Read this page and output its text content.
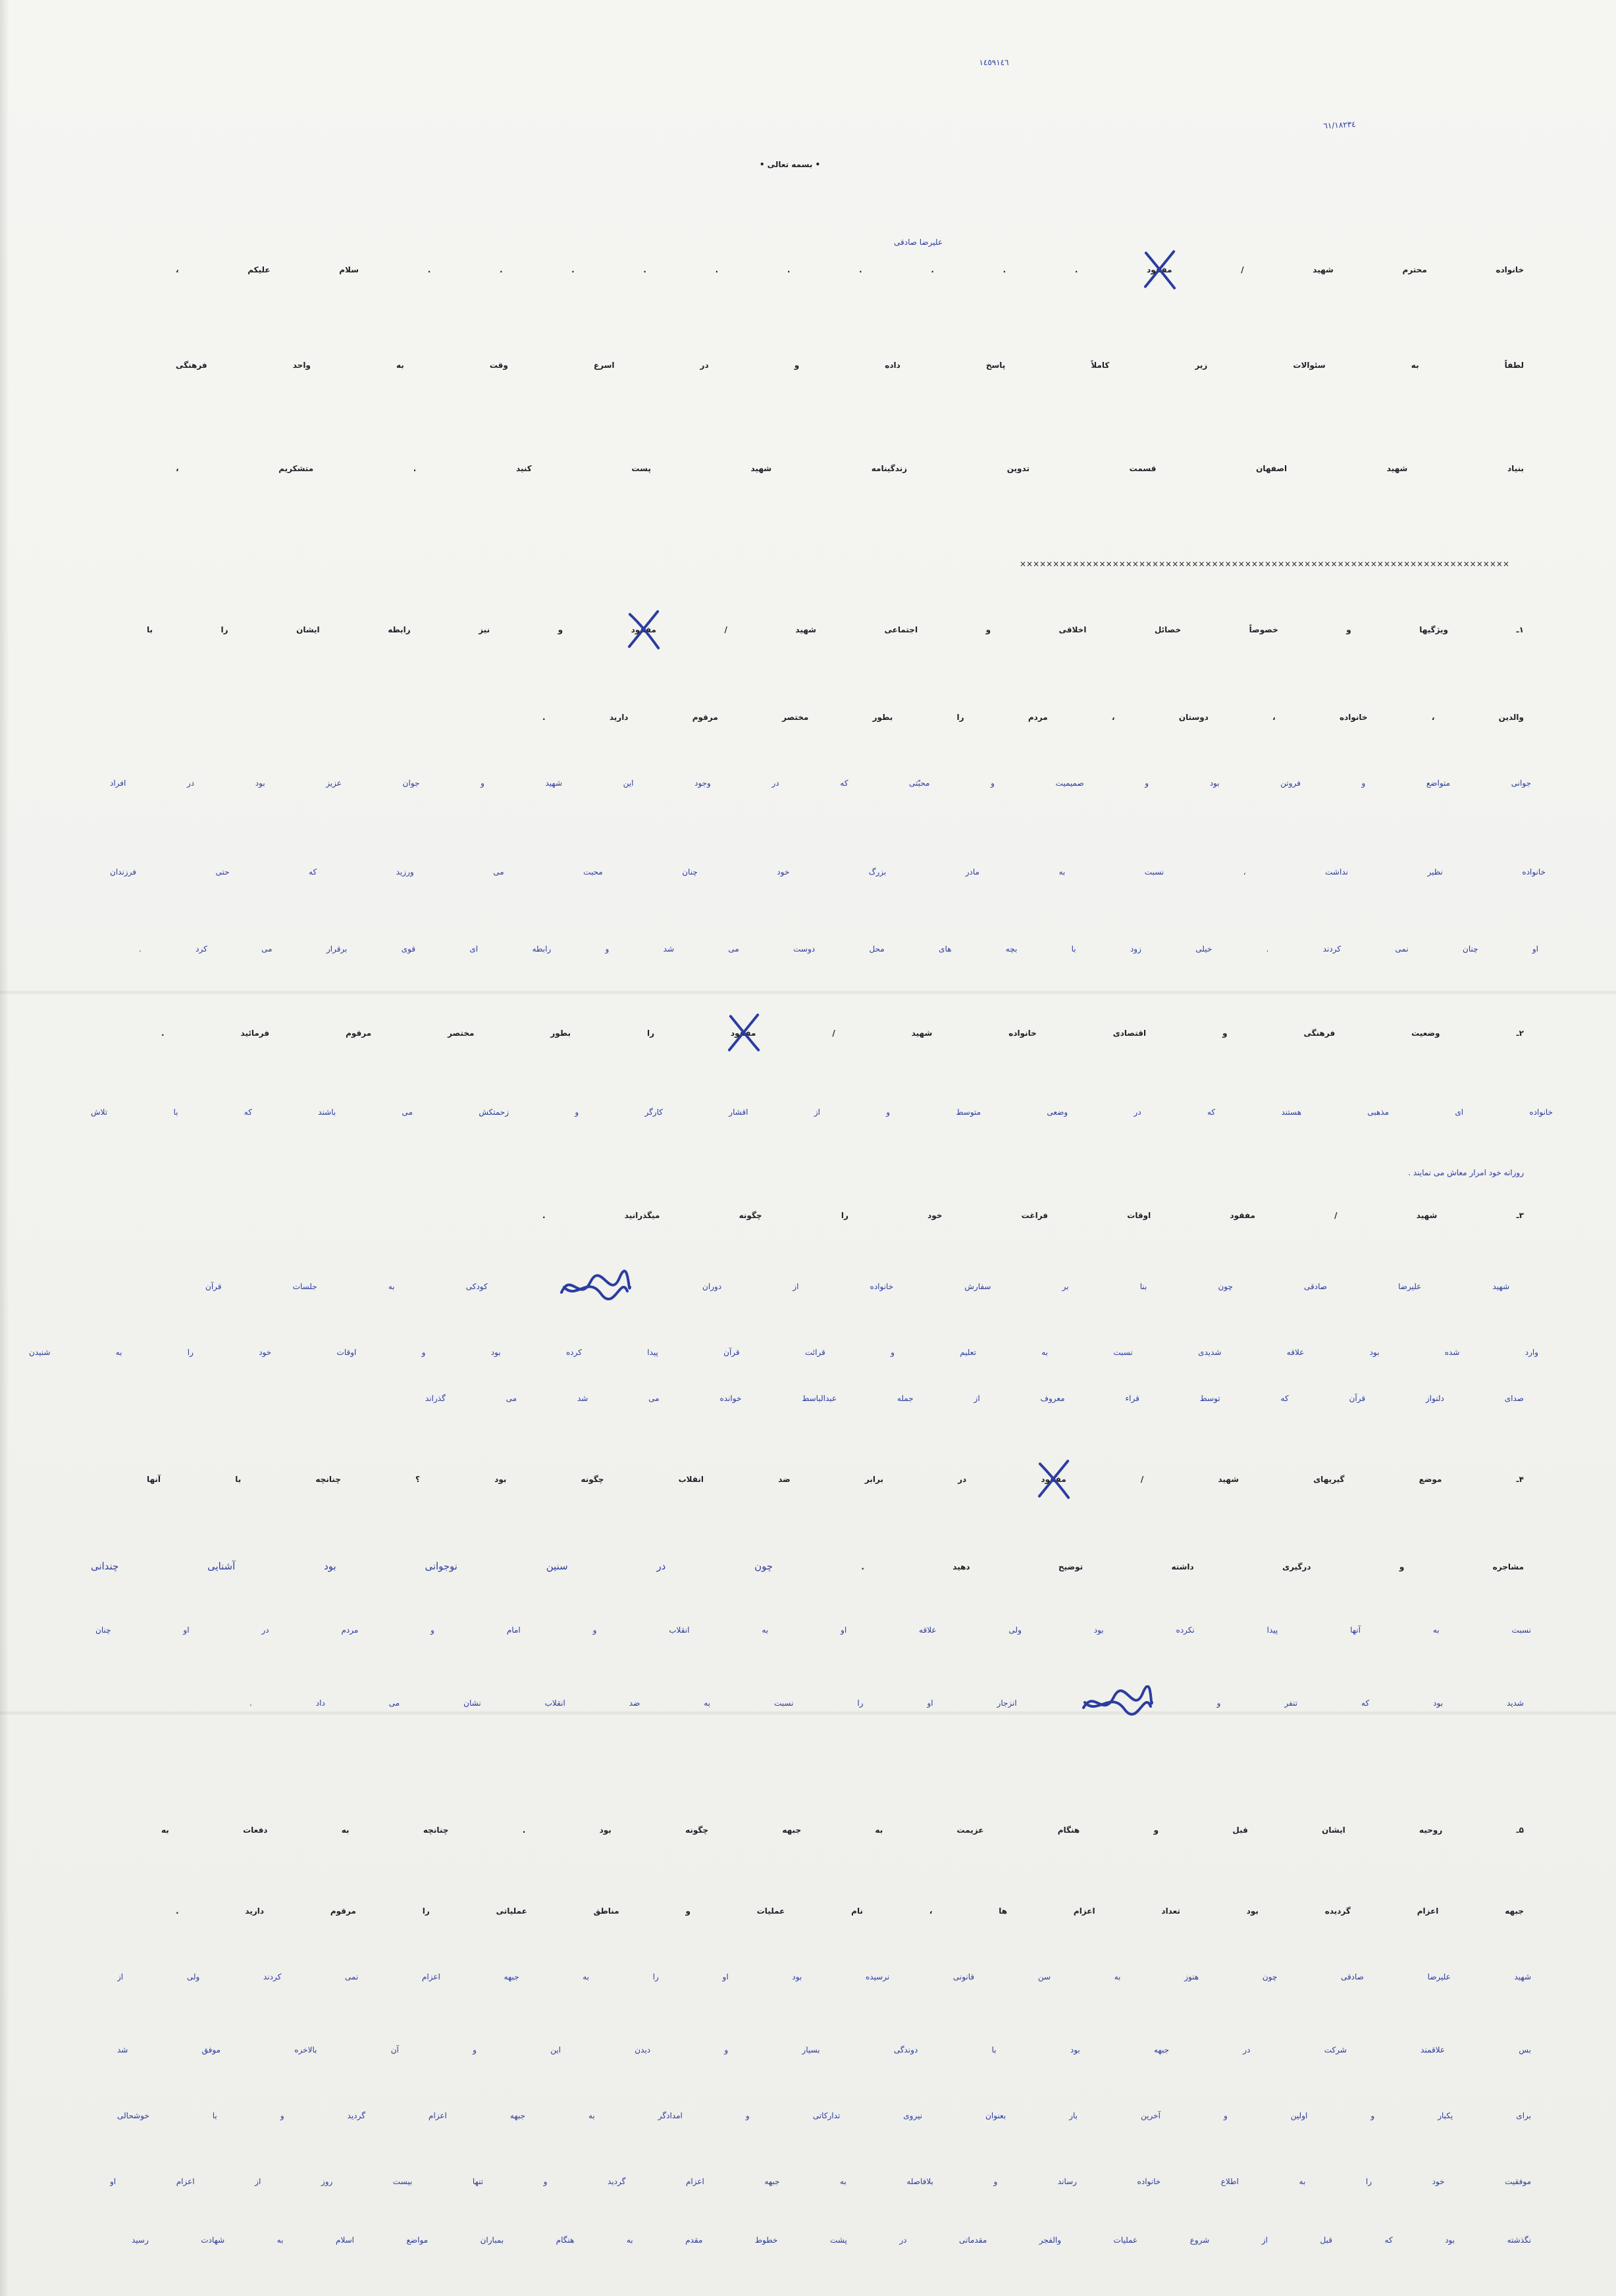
١٤٥٩١٤٦
٦١/١٨٢٣٤
• بسمه تعالی •
علیرضا صادقی
خانواده محترم شهید / مفقود
. . . . . . . . . . سلام علیکم ،
لطفاً به سئوالات زیر کاملاً پاسخ داده و در اسرع وقت به واحد فرهنگی
بنیاد شهید اصفهان قسمت تدوین زندگینامه شهید پست کنید . متشکریم ،
××××××××××××××××××××××××××××××××××××××××××××××××××××××××××××××××××××××××××
۱ـ ویژگیها و خصوصاً خصائل اخلاقی و اجتماعی شهید / مفقود
و نیز رابطه ایشان را با
والدین ، خانواده ، دوستان ، مردم را بطور مختصر مرقوم دارید .
جوانی متواضع و فروتن بود و صمیمیت و محبّتی که در وجود این شهید و جوان عزیز بود در افراد
خانواده نظیر نداشت ، نسبت به مادر بزرگ خود چنان محبت می ورزید که حتی فرزندان
او چنان نمی کردند . خیلی زود با بچه های محل دوست می شد و رابطه ای قوی برقرار می کرد .
۲ـ وضعیت فرهنگی و اقتصادی خانواده شهید / مفقود
را بطور مختصر مرقوم فرمائید .
خانواده ای مذهبی هستند که در وضعی متوسط و از اقشار کارگر و زحمتکش می باشند که با تلاش
روزانه خود امرار معاش می نمایند .
۳ـ شهید / مفقود اوقات فراغت خود را چگونه میگذرانید .
شهید علیرضا صادقی چون بنا بر سفارش خانواده از دوران  کودکی به جلسات قرآن
وارد شده بود علاقه شدیدی نسبت به تعلیم و قرائت قرآن پیدا کرده بود و اوقات خود را به شنیدن
صدای دلنواز قرآن که توسط قراء معروف از جمله عبدالباسط خوانده می شد می گذراند
۴ـ موضع گیریهای شهید / مفقود
در برابر ضد انقلاب چگونه بود ؟ چنانچه با آنها
مشاجره و درگیری داشته توضیح دهید . چون در سنین نوجوانی بود آشنایی چندانی
نسبت به آنها پیدا نکرده بود ولی علاقه او به انقلاب و امام و مردم در او چنان
شدید بود که تنفر و  انزجار او را نسبت به ضد انقلاب نشان می داد .
۵ـ روحیه ایشان قبل و هنگام عزیمت به جبهه چگونه بود . چنانچه به دفعات به
جبهه اعزام گردیده بود تعداد اعزام ها ، نام عملیات و مناطق عملیاتی را مرقوم دارید .
شهید علیرضا صادقی چون هنوز به سن قانونی نرسیده بود او را به جبهه اعزام نمی کردند ولی از
بس علاقمند شرکت در جبهه بود با دوندگی بسیار و دیدن این و آن بالاخره موفق شد
برای یکبار و اولین و آخرین بار بعنوان نیروی تدارکاتی و امدادگر به جبهه اعزام گردید و با خوشحالی
موفقیت خود را به اطلاع خانواده رساند و بلافاصله به جبهه اعزام گردید و تنها بیست روز از اعزام او
نگذشته بود که قبل از شروع عملیات والفجر مقدماتی در پشت خطوط مقدم به هنگام بمباران مواضع اسلام به شهادت رسید
